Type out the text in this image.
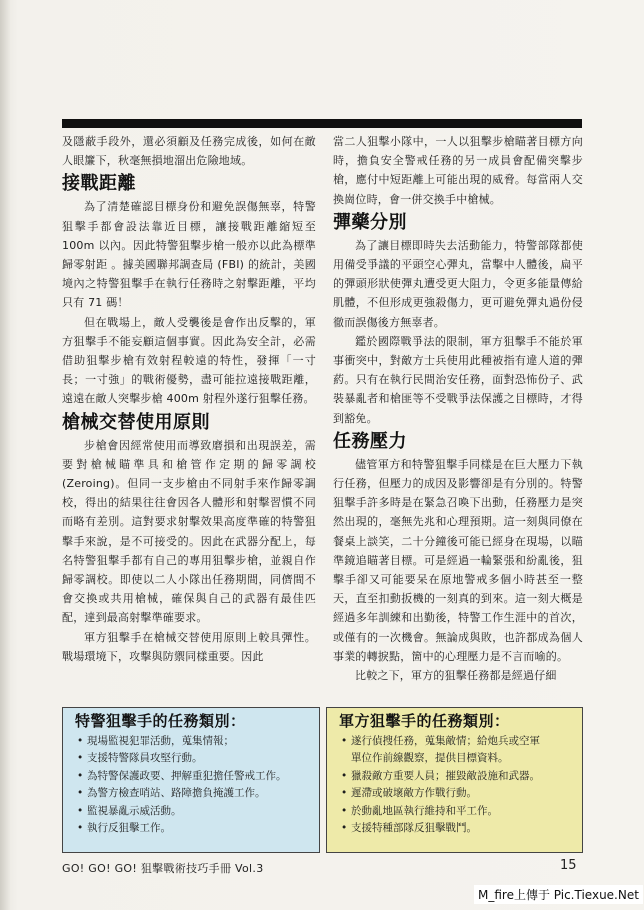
及隱蔽手段外，還必須顧及任務完成後，如何在敵人眼簾下，秋毫無損地溜出危險地域。

接戰距離

為了清楚確認目標身份和避免誤傷無辜，特警狙擊手都會設法靠近目標，讓接戰距離縮短至 100m 以內。因此特警狙擊步槍一般亦以此為標準歸零射距 。據美國聯邦調查局 (FBI) 的統計，美國境內之特警狙擊手在執行任務時之射擊距離，平均只有 71 碼！

但在戰場上，敵人受襲後是會作出反擊的，軍方狙擊手不能妄顧這個事實。因此為安全計，必需借助狙擊步槍有效射程較遠的特性，發揮「一寸長；一寸強」的戰術優勢，盡可能拉遠接戰距離，遠遠在敵人突擊步槍 400m 射程外遂行狙擊任務。

槍械交替使用原則

步槍會因經常使用而導致磨損和出現誤差，需要對槍械瞄準具和槍管作定期的歸零調校 (Zeroing)。但同一支步槍由不同射手來作歸零調校，得出的結果往往會因各人體形和射擊習慣不同而略有差別。這對要求射擊效果高度準確的特警狙擊手來說，是不可接受的。因此在武器分配上，每名特警狙擊手都有自己的專用狙擊步槍，並親自作歸零調校。即使以二人小隊出任務期間，同儕間不會交換或共用槍械，確保與自己的武器有最佳匹配，達到最高射擊準確要求。

軍方狙擊手在槍械交替使用原則上較具彈性。戰場環境下，攻擊與防禦同樣重要。因此

當二人狙擊小隊中，一人以狙擊步槍瞄著目標方向時，擔負安全警戒任務的另一成員會配備突擊步槍，應付中短距離上可能出現的威脅。每當兩人交換崗位時，會一併交換手中槍械。

彈藥分別

為了讓目標即時失去活動能力，特警部隊都使用備受爭議的平頭空心彈丸，當擊中人體後，扁平的彈頭形狀使彈丸遭受更大阻力，令更多能量傳給肌體，不但形成更強殺傷力，更可避免彈丸過份侵徹而誤傷後方無辜者。

鑑於國際戰爭法的限制，軍方狙擊手不能於軍事衝突中，對敵方士兵使用此種被指有違人道的彈葯。只有在執行民間治安任務，面對恐怖份子、武裝暴亂者和槍匪等不受戰爭法保護之目標時，才得到豁免。

任務壓力

儘管軍方和特警狙擊手同樣是在巨大壓力下執行任務，但壓力的成因及影響卻是有分別的。特警狙擊手許多時是在緊急召喚下出動，任務壓力是突然出現的，毫無先兆和心理預期。這一刻與同僚在餐桌上談笑，二十分鐘後可能已經身在現場，以瞄準鏡追瞄著目標。可是經過一輪緊張和紛亂後，狙擊手卻又可能要呆在原地警戒多個小時甚至一整天，直至扣動扳機的一刻真的到來。這一刻大概是經過多年訓練和出勤後，特警工作生涯中的首次，或僅有的一次機會。無論成與敗，也許都成為個人事業的轉捩點，箇中的心理壓力是不言而喻的。

比較之下，軍方的狙擊任務都是經過仔細

特警狙擊手的任務類別：
• 現場監視犯罪活動，蒐集情報；
• 支援特警隊員攻堅行動。
• 為特警保護政要、押解重犯擔任警戒工作。
• 為警方檢查哨站、路障擔負掩護工作。
• 監視暴亂示威活動。
• 執行反狙擊工作。
軍方狙擊手的任務類別：
• 遂行偵搜任務，蒐集敵情；給炮兵或空軍
單位作前線觀察，提供目標資料。
• 獵殺敵方重要人員；摧毀敵設施和武器。
• 遲滯或破壞敵方作戰行動。
• 於動亂地區執行維持和平工作。
• 支援特種部隊反狙擊戰鬥。
GO! GO! GO! 狙擊戰術技巧手冊 Vol.3	15
M_fire上傳于 Pic.Tiexue.Net
